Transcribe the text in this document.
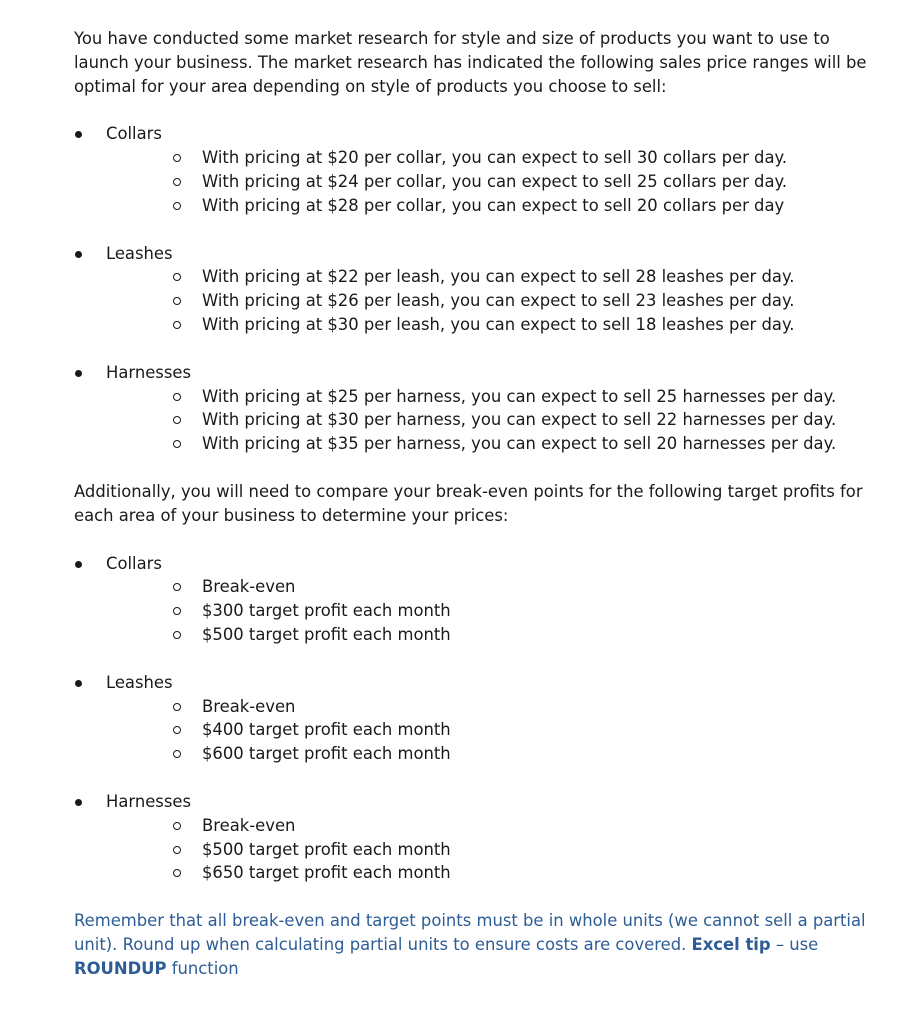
You have conducted some market research for style and size of products you want to use to launch your business. The market research has indicated the following sales price ranges will be optimal for your area depending on style of products you choose to sell:

Collars
With pricing at $20 per collar, you can expect to sell 30 collars per day.
With pricing at $24 per collar, you can expect to sell 25 collars per day.
With pricing at $28 per collar, you can expect to sell 20 collars per day
Leashes
With pricing at $22 per leash, you can expect to sell 28 leashes per day.
With pricing at $26 per leash, you can expect to sell 23 leashes per day.
With pricing at $30 per leash, you can expect to sell 18 leashes per day.
Harnesses
With pricing at $25 per harness, you can expect to sell 25 harnesses per day.
With pricing at $30 per harness, you can expect to sell 22 harnesses per day.
With pricing at $35 per harness, you can expect to sell 20 harnesses per day.

Additionally, you will need to compare your break-even points for the following target profits for each area of your business to determine your prices:

Collars
Break-even
$300 target profit each month
$500 target profit each month
Leashes
Break-even
$400 target profit each month
$600 target profit each month
Harnesses
Break-even
$500 target profit each month
$650 target profit each month

Remember that all break-even and target points must be in whole units (we cannot sell a partial unit). Round up when calculating partial units to ensure costs are covered. Excel tip – use
ROUNDUP function
